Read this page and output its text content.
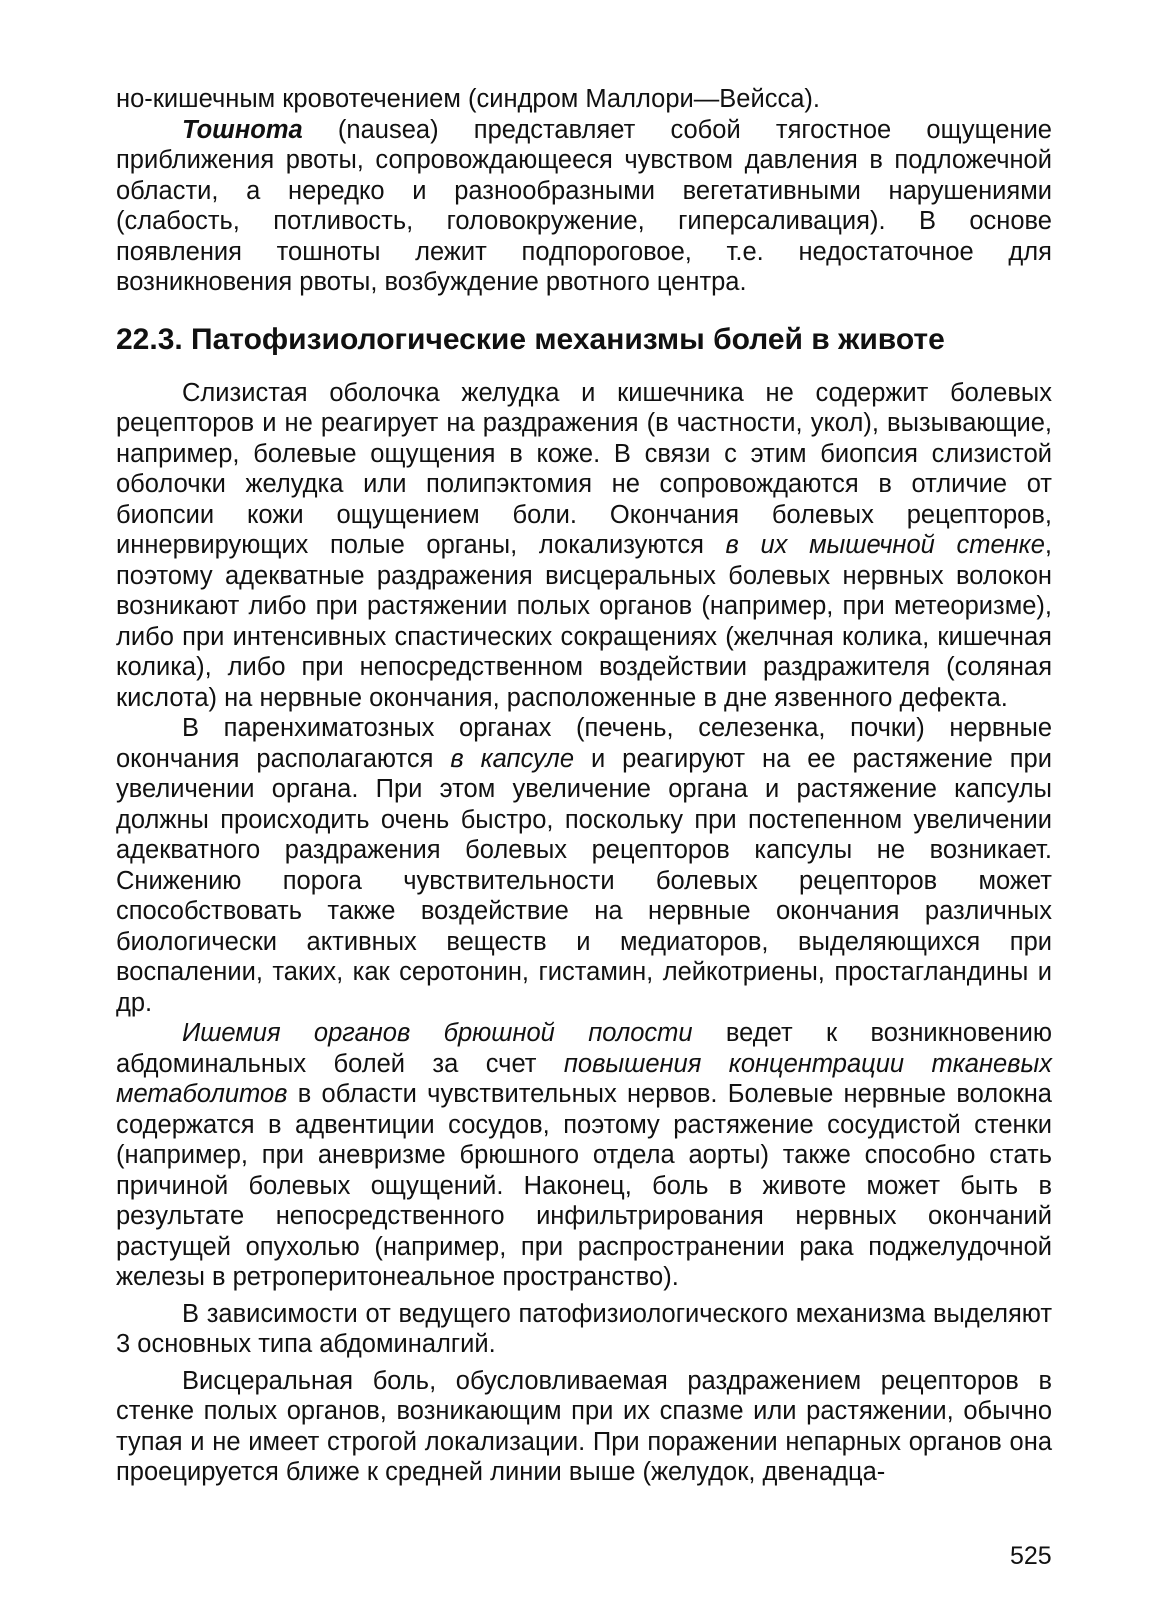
но-кишечным кровотечением (синдром Маллори—Вейсса).

Тошнота (nausea) представляет собой тягостное ощущение приближения рвоты, сопровождающееся чувством давления в подложечной области, а нередко и разнообразными вегетативными нарушениями (слабость, потливость, головокружение, гиперсаливация). В основе появления тошноты лежит подпороговое, т.е. недостаточное для возникновения рвоты, возбуждение рвотного центра.

22.3. Патофизиологические механизмы болей в животе

Слизистая оболочка желудка и кишечника не содержит болевых рецепторов и не реагирует на раздражения (в частности, укол), вызывающие, например, болевые ощущения в коже. В связи с этим биопсия слизистой оболочки желудка или полипэктомия не сопровождаются в отличие от биопсии кожи ощущением боли. Окончания болевых рецепторов, иннервирующих полые органы, локализуются в их мышечной стенке, поэтому адекватные раздражения висцеральных болевых нервных волокон возникают либо при растяжении полых органов (например, при метеоризме), либо при интенсивных спастических сокращениях (желчная колика, кишечная колика), либо при непосредственном воздействии раздражителя (соляная кислота) на нервные окончания, расположенные в дне язвенного дефекта.

В паренхиматозных органах (печень, селезенка, почки) нервные окончания располагаются в капсуле и реагируют на ее растяжение при увеличении органа. При этом увеличение органа и растяжение капсулы должны происходить очень быстро, поскольку при постепенном увеличении адекватного раздражения болевых рецепторов капсулы не возникает. Снижению порога чувствительности болевых рецепторов может способствовать также воздействие на нервные окончания различных биологически активных веществ и медиаторов, выделяющихся при воспалении, таких, как серотонин, гистамин, лейкотриены, простагландины и др.

Ишемия органов брюшной полости ведет к возникновению абдоминальных болей за счет повышения концентрации тканевых метаболитов в области чувствительных нервов. Болевые нервные волокна содержатся в адвентиции сосудов, поэтому растяжение сосудистой стенки (например, при аневризме брюшного отдела аорты) также способно стать причиной болевых ощущений. Наконец, боль в животе может быть в результате непосредственного инфильтрирования нервных окончаний растущей опухолью (например, при распространении рака поджелудочной железы в ретроперитонеальное пространство).

В зависимости от ведущего патофизиологического механизма выделяют 3 основных типа абдоминалгий.

Висцеральная боль, обусловливаемая раздражением рецепторов в стенке полых органов, возникающим при их спазме или растяжении, обычно тупая и не имеет строгой локализации. При поражении непарных органов она проецируется ближе к средней линии выше (желудок, двенадца-

525
